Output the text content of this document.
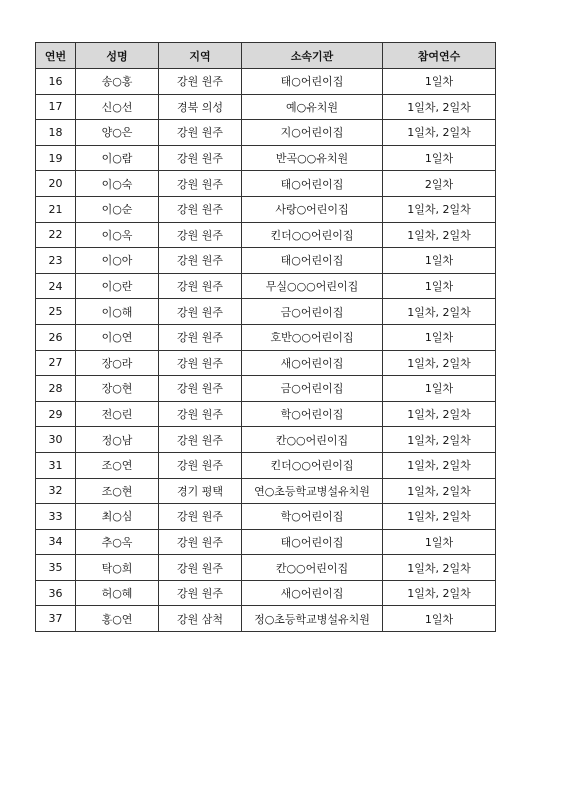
연번	성명	지역	소속기관	참여연수
16	송○홍	강원 원주	태○어린이집	1일차
17	신○선	경북 의성	예○유치원	1일차, 2일차
18	양○은	강원 원주	지○어린이집	1일차, 2일차
19	이○람	강원 원주	반곡○○유치원	1일차
20	이○숙	강원 원주	태○어린이집	2일차
21	이○순	강원 원주	사랑○어린이집	1일차, 2일차
22	이○옥	강원 원주	킨더○○어린이집	1일차, 2일차
23	이○아	강원 원주	태○어린이집	1일차
24	이○란	강원 원주	무실○○○어린이집	1일차
25	이○해	강원 원주	금○어린이집	1일차, 2일차
26	이○연	강원 원주	호반○○어린이집	1일차
27	장○라	강원 원주	새○어린이집	1일차, 2일차
28	장○현	강원 원주	금○어린이집	1일차
29	전○린	강원 원주	학○어린이집	1일차, 2일차
30	정○남	강원 원주	칸○○어린이집	1일차, 2일차
31	조○연	강원 원주	킨더○○어린이집	1일차, 2일차
32	조○현	경기 평택	연○초등학교병설유치원	1일차, 2일차
33	최○심	강원 원주	학○어린이집	1일차, 2일차
34	추○옥	강원 원주	태○어린이집	1일차
35	탁○희	강원 원주	칸○○어린이집	1일차, 2일차
36	허○혜	강원 원주	새○어린이집	1일차, 2일차
37	홍○연	강원 삼척	정○초등학교병설유치원	1일차
